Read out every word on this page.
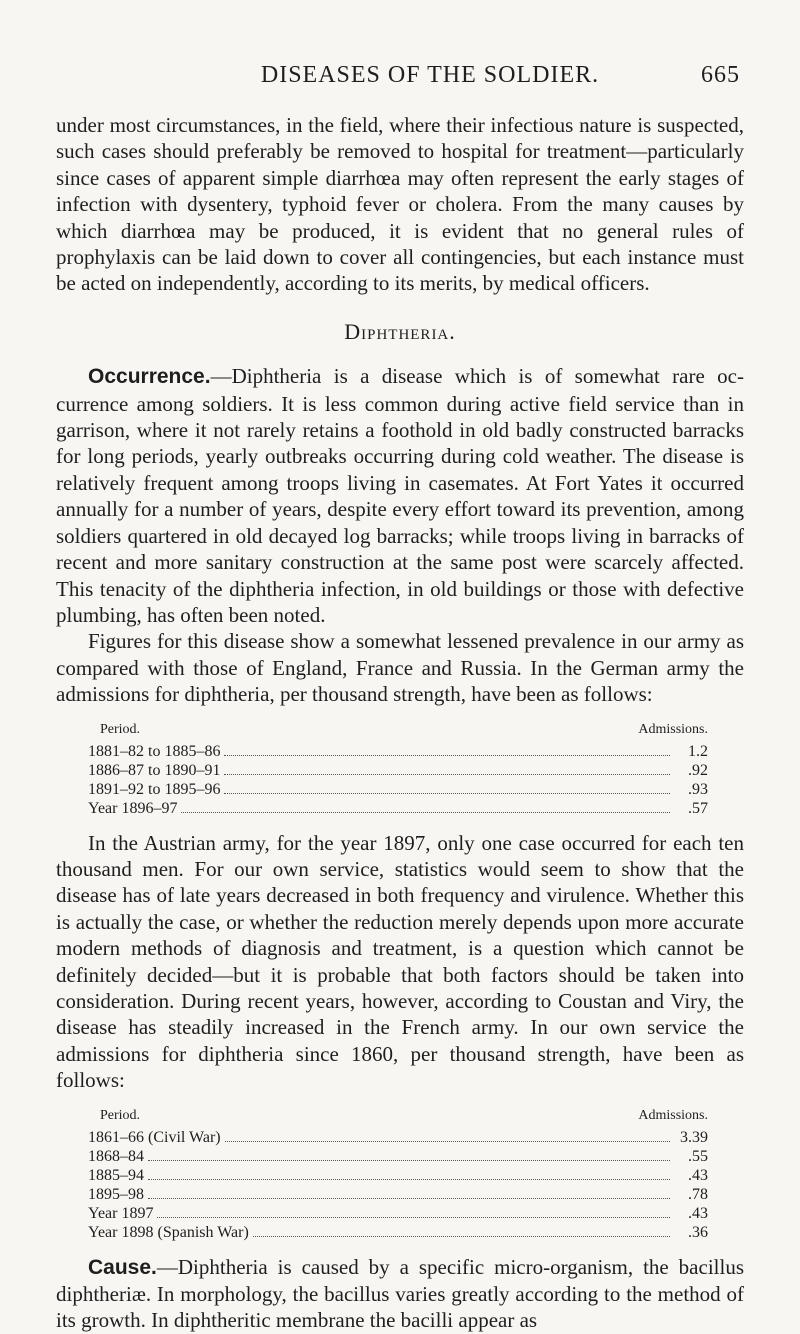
DISEASES OF THE SOLDIER.	665

under most circumstances, in the field, where their infectious nature is suspected, such cases should preferably be removed to hospital for treatment—particularly since cases of apparent simple diarrhœa may often represent the early stages of infection with dysentery, typhoid fever or cholera. From the many causes by which diarrhœa may be produced, it is evident that no general rules of prophylaxis can be laid down to cover all contingencies, but each instance must be acted on independently, according to its merits, by medical officers.

Diphtheria.

Occurrence.—Diphtheria is a disease which is of somewhat rare occurrence among soldiers. It is less common during active field service than in garrison, where it not rarely retains a foothold in old badly constructed barracks for long periods, yearly outbreaks occurring during cold weather. The disease is relatively frequent among troops living in casemates. At Fort Yates it occurred annually for a number of years, despite every effort toward its prevention, among soldiers quartered in old decayed log barracks; while troops living in barracks of recent and more sanitary construction at the same post were scarcely affected. This tenacity of the diphtheria infection, in old buildings or those with defective plumbing, has often been noted.

Figures for this disease show a somewhat lessened prevalence in our army as compared with those of England, France and Russia. In the German army the admissions for diphtheria, per thousand strength, have been as follows:

Period.	Admissions.
1881–82 to 1885–86	1.2
1886–87 to 1890–91	.92
1891–92 to 1895–96	.93
Year 1896–97	.57

In the Austrian army, for the year 1897, only one case occurred for each ten thousand men. For our own service, statistics would seem to show that the disease has of late years decreased in both frequency and virulence. Whether this is actually the case, or whether the reduction merely depends upon more accurate modern methods of diagnosis and treatment, is a question which cannot be definitely decided—but it is probable that both factors should be taken into consideration. During recent years, however, according to Coustan and Viry, the disease has steadily increased in the French army. In our own service the admissions for diphtheria since 1860, per thousand strength, have been as follows:

Period.	Admissions.
1861–66 (Civil War)	3.39
1868–84	.55
1885–94	.43
1895–98	.78
Year 1897	.43
Year 1898 (Spanish War)	.36

Cause.—Diphtheria is caused by a specific micro-organism, the bacillus diphtheriæ. In morphology, the bacillus varies greatly according to the method of its growth. In diphtheritic membrane the bacilli appear as
